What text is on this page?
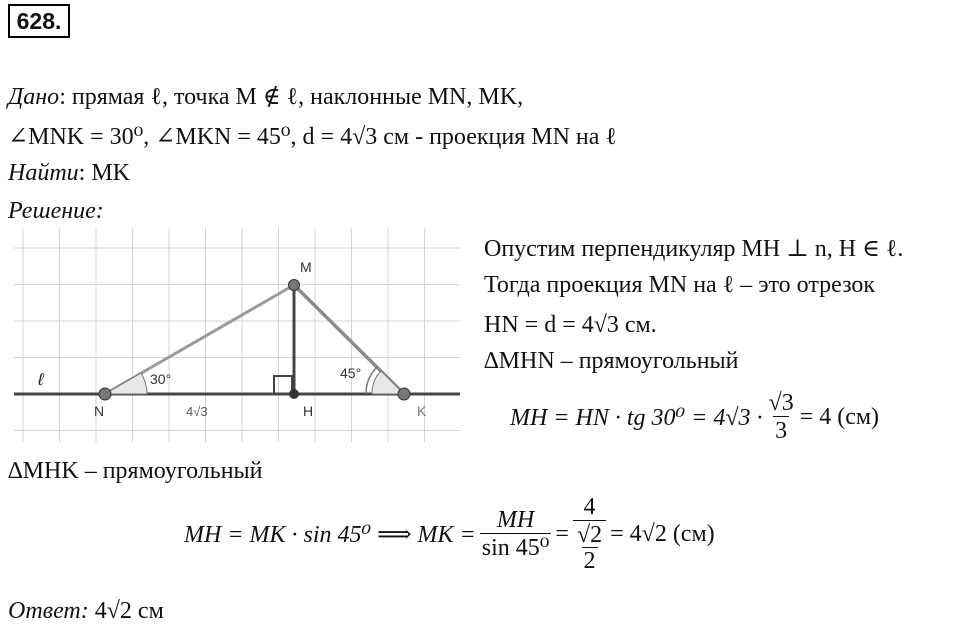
628.
Дано: прямая ℓ, точка M ∉ ℓ, наклонные MN, MK,
∠MNK = 30⁰, ∠MKN = 45⁰, d = 4√3 см - проекция MN на ℓ
Найти: MK
Решение:
ℓ
M
N	H	K
30°	45°
4√3
Опустим перпендикуляр MH ⊥ n, H ∈ ℓ.
Тогда проекция MN на ℓ – это отрезок
HN = d = 4√3 см.
∆MHN – прямоугольный
MH = HN · tg $30^0 = 4√3 \cdot \frac{√3}{3} = 4$ (см)
∆MHK – прямоугольный
MH = MK · sin 45⁰ ⟹ MK = $\frac{MH}{\text{sin 45⁰}} = \frac{4}{\frac{√2}{2}} = 4√2$ (см)
Ответ: 4√2 см
